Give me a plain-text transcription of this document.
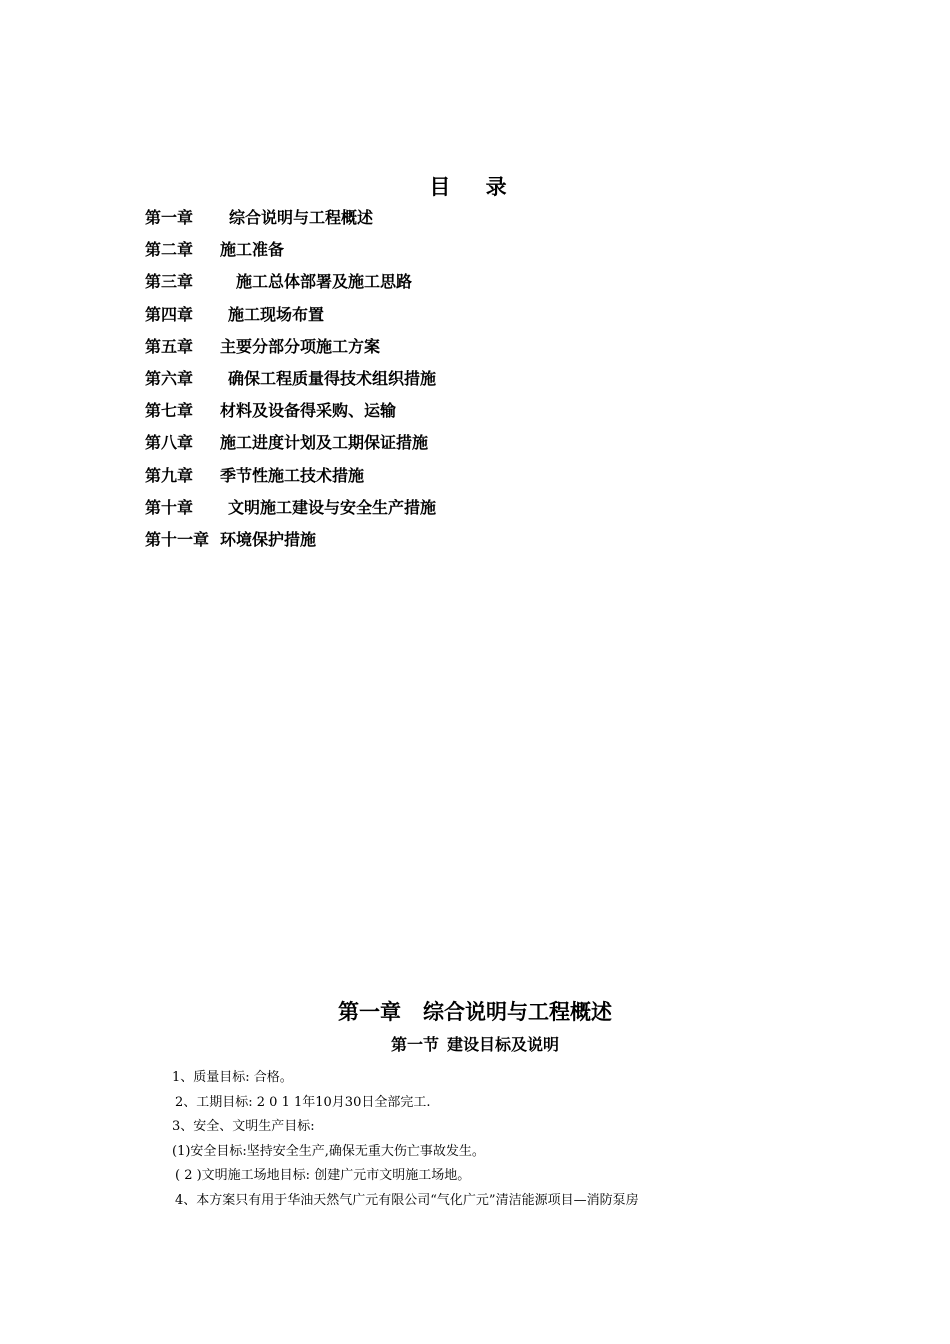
目 录
第一章 综合说明与工程概述
第二章 施工准备
第三章	施工总体部署及施工思路
第四章 施工现场布置
第五章 主要分部分项施工方案
第六章 确保工程质量得技术组织措施
第七章 材料及设备得采购、运输
第八章 施工进度计划及工期保证措施
第九章 季节性施工技术措施
第十章 文明施工建设与安全生产措施
第十一章 环境保护措施
第一章 综合说明与工程概述
第一节 建设目标及说明
1、质量目标: 合格。
2、工期目标: 2 0 1 1年10月30日全部完工.
3、安全、文明生产目标:
(1)安全目标:坚持安全生产,确保无重大伤亡事故发生。
( 2 )文明施工场地目标: 创建广元市文明施工场地。
4、本方案只有用于华油天然气广元有限公司“气化广元”清洁能源项目—消防泵房
